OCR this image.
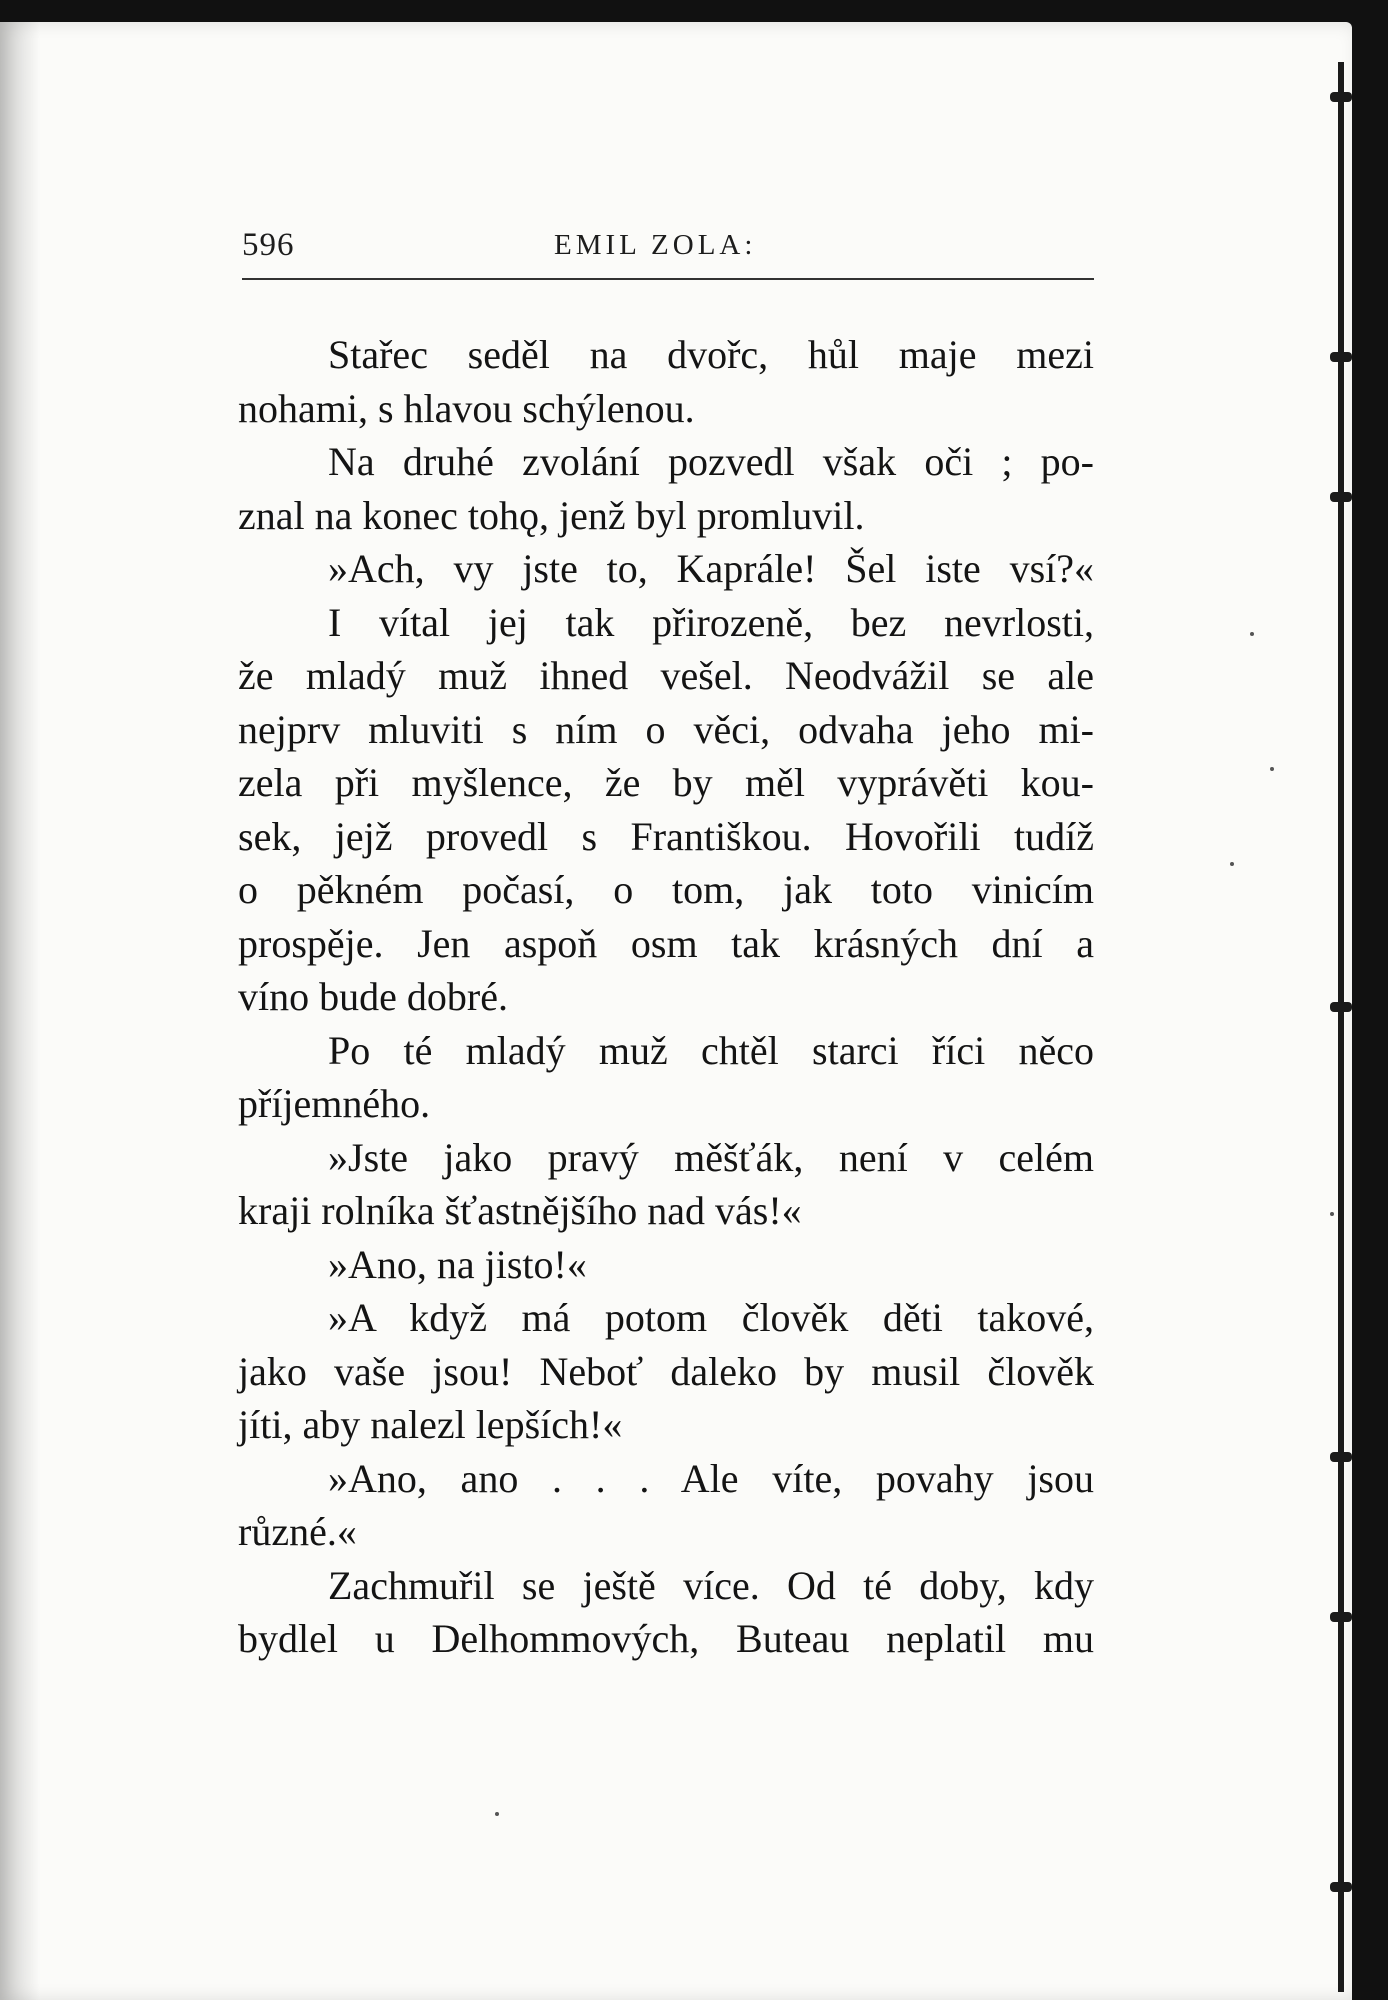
596	EMIL ZOLA:
Stařec seděl na dvořc, hůl maje mezi
nohami, s hlavou schýlenou.
Na druhé zvolání pozvedl však oči ; po-
znal na konec tohǫ, jenž byl promluvil.
»Ach, vy jste to, Kaprále! Šel iste vsí?«
I vítal jej tak přirozeně, bez nevrlosti,
že mladý muž ihned vešel. Neodvážil se ale
nejprv mluviti s ním o věci, odvaha jeho mi-
zela při myšlence, že by měl vyprávěti kou-
sek, jejž provedl s Františkou. Hovořili tudíž
o pěkném počasí, o tom, jak toto vinicím
prospěje. Jen aspoň osm tak krásných dní a
víno bude dobré.
Po té mladý muž chtěl starci říci něco
příjemného.
»Jste jako pravý měšťák, není v celém
kraji rolníka šťastnějšího nad vás!«
»Ano, na jisto!«
»A když má potom člověk děti takové,
jako vaše jsou! Neboť daleko by musil člověk
jíti, aby nalezl lepších!«
»Ano, ano . . . Ale víte, povahy jsou
různé.«
Zachmuřil se ještě více. Od té doby, kdy
bydlel u Delhommových, Buteau neplatil mu
